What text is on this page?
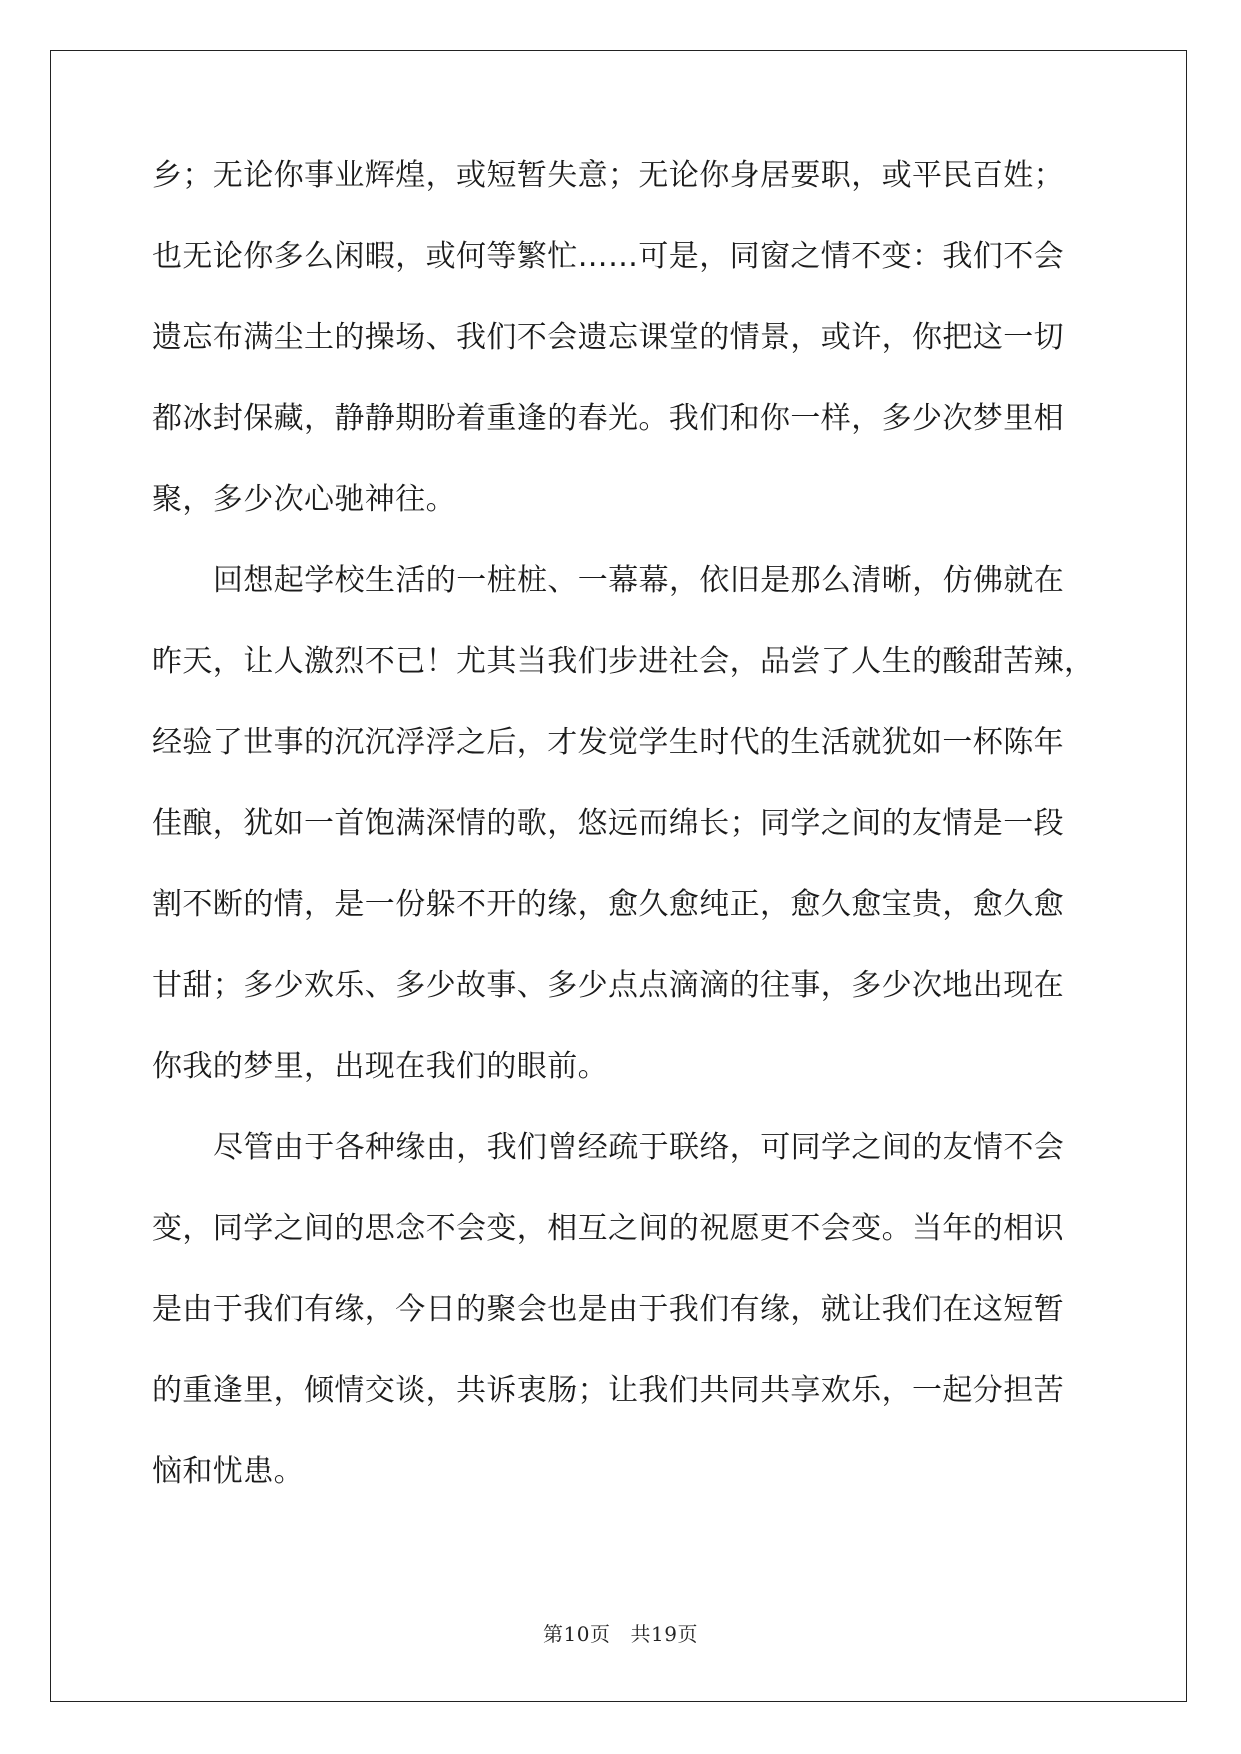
乡；无论你事业辉煌，或短暂失意；无论你身居要职，或平民百姓；
也无论你多么闲暇，或何等繁忙……可是，同窗之情不变：我们不会
遗忘布满尘土的操场、我们不会遗忘课堂的情景，或许，你把这一切
都冰封保藏，静静期盼着重逢的春光。我们和你一样，多少次梦里相
聚，多少次心驰神往。
回想起学校生活的一桩桩、一幕幕，依旧是那么清晰，仿佛就在
昨天，让人激烈不已！尤其当我们步进社会，品尝了人生的酸甜苦辣，
经验了世事的沉沉浮浮之后，才发觉学生时代的生活就犹如一杯陈年
佳酿，犹如一首饱满深情的歌，悠远而绵长；同学之间的友情是一段
割不断的情，是一份躲不开的缘，愈久愈纯正，愈久愈宝贵，愈久愈
甘甜；多少欢乐、多少故事、多少点点滴滴的往事，多少次地出现在
你我的梦里，出现在我们的眼前。
尽管由于各种缘由，我们曾经疏于联络，可同学之间的友情不会
变，同学之间的思念不会变，相互之间的祝愿更不会变。当年的相识
是由于我们有缘，今日的聚会也是由于我们有缘，就让我们在这短暂
的重逢里，倾情交谈，共诉衷肠；让我们共同共享欢乐，一起分担苦
恼和忧患。
第10页 共19页
